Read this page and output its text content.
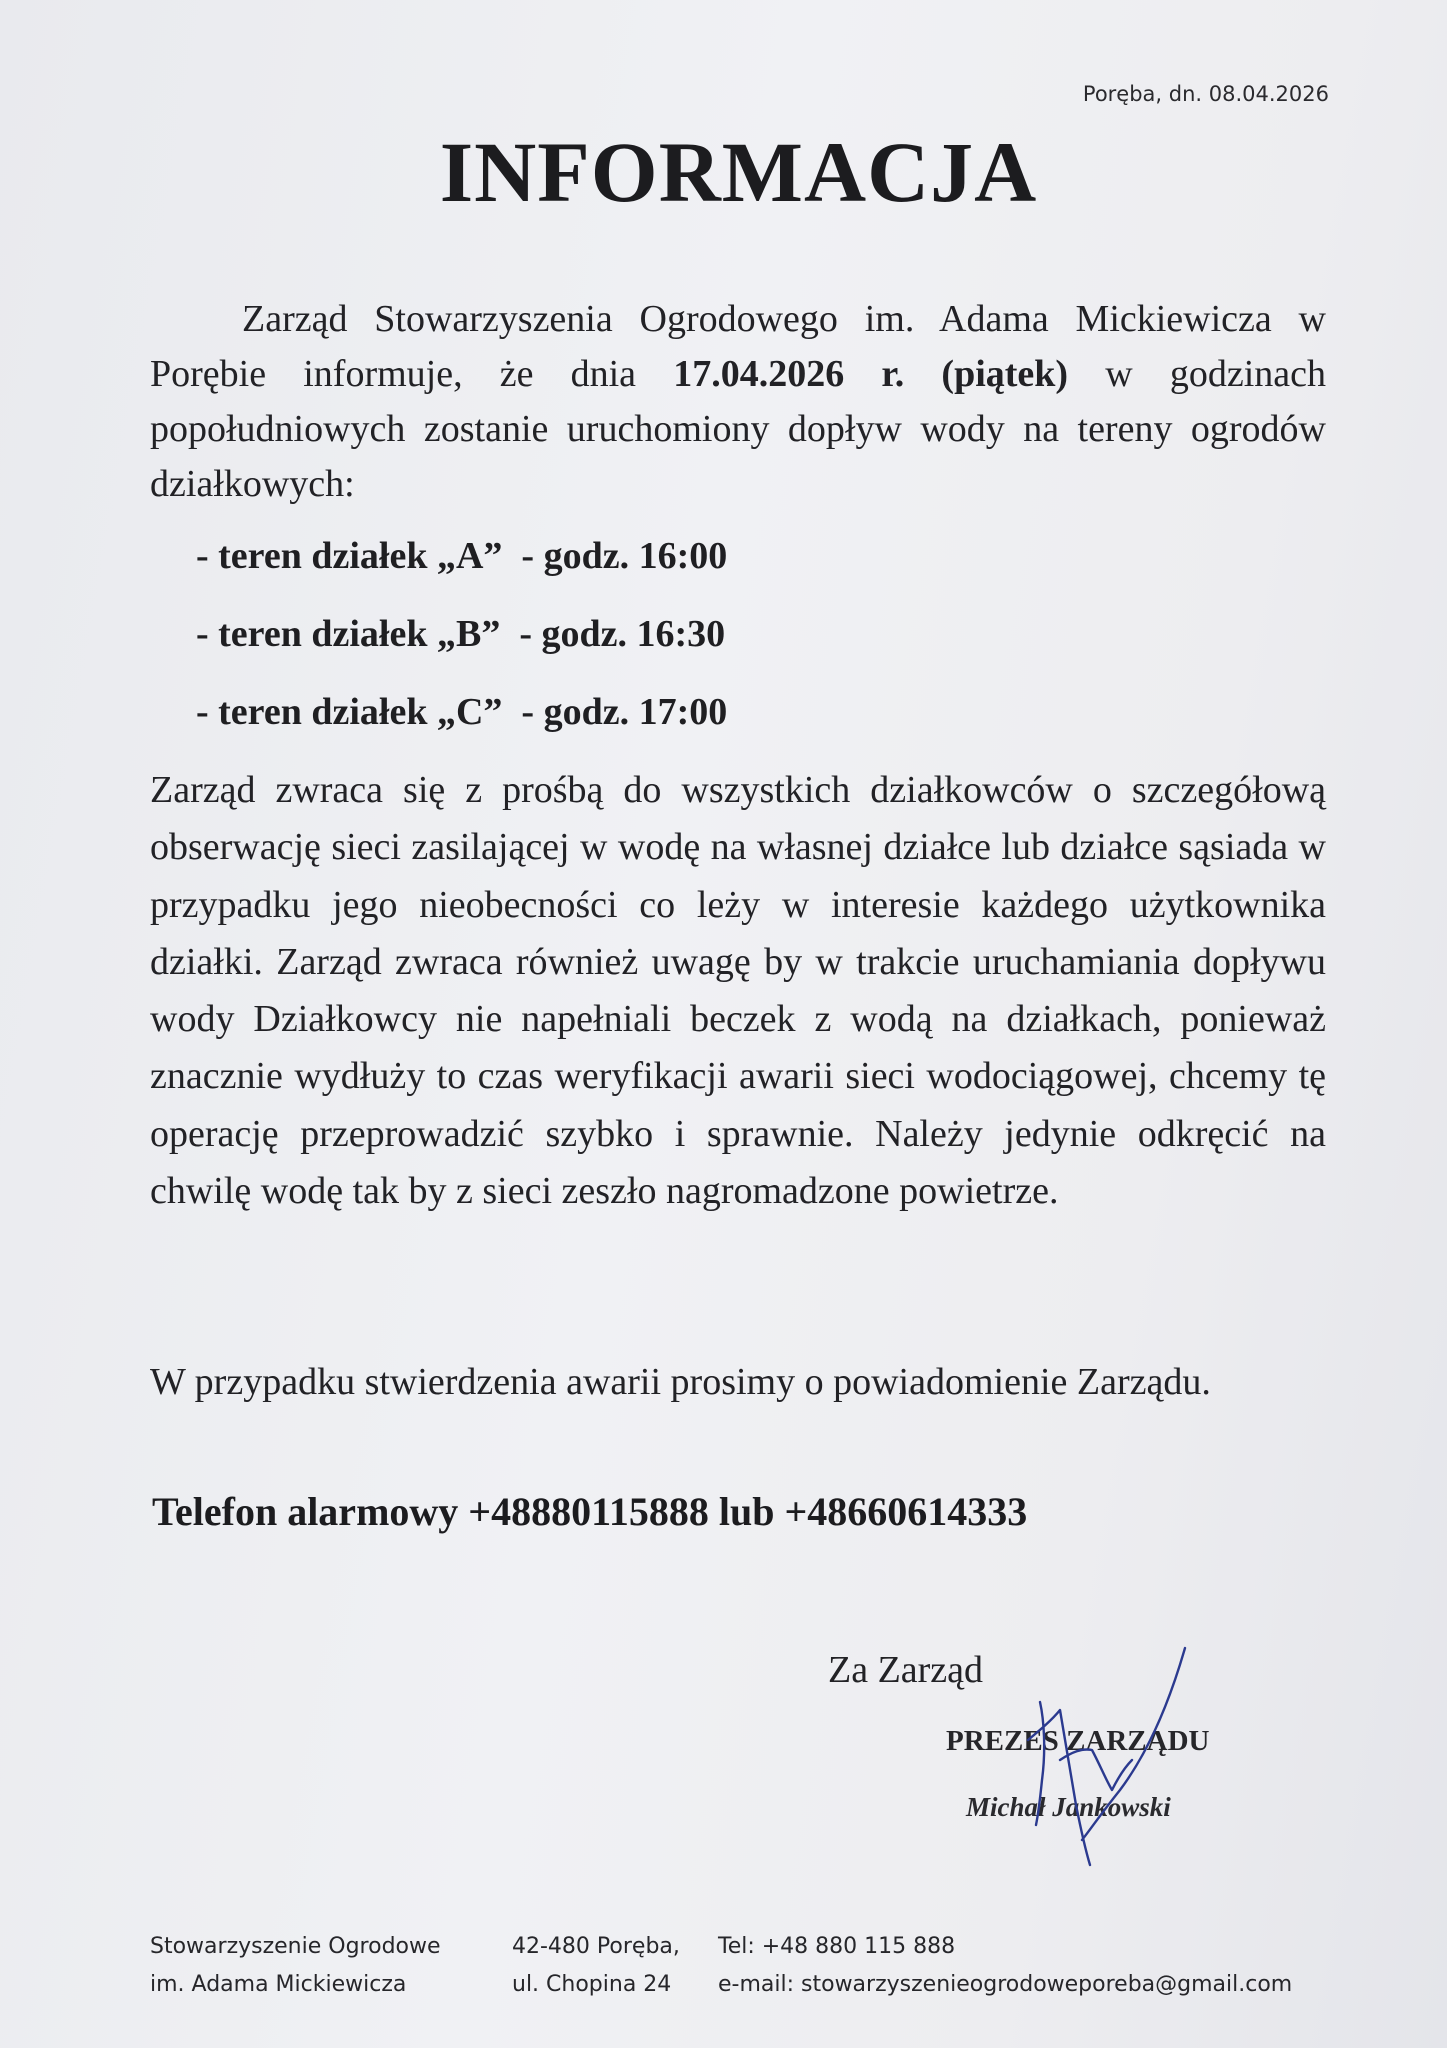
Poręba, dn. 08.04.2026
INFORMACJA

Zarząd Stowarzyszenia Ogrodowego im. Adama Mickiewicza w Porębie informuje, że dnia 17.04.2026 r. (piątek) w godzinach popołudniowych zostanie uruchomiony dopływ wody na tereny ogrodów działkowych:

- teren działek „A”  - godz. 16:00
- teren działek „B”  - godz. 16:30
- teren działek „C”  - godz. 17:00

Zarząd zwraca się z prośbą do wszystkich działkowców o szczegółową obserwację sieci zasilającej w wodę na własnej działce lub działce sąsiada w przypadku jego nieobecności co leży w interesie każdego użytkownika działki. Zarząd zwraca również uwagę by w trakcie uruchamiania dopływu wody Działkowcy nie napełniali beczek z wodą na działkach, ponieważ znacznie wydłuży to czas weryfikacji awarii sieci wodociągowej, chcemy tę operację przeprowadzić szybko i sprawnie. Należy jedynie odkręcić na chwilę wodę tak by z sieci zeszło nagromadzone powietrze.

W przypadku stwierdzenia awarii prosimy o powiadomienie Zarządu.

Telefon alarmowy +48880115888 lub +48660614333

Za Zarząd
PREZES ZARZĄDU
Michał Jankowski
Stowarzyszenie Ogrodowe
im. Adama Mickiewicza
42-480 Poręba,
ul. Chopina 24
Tel: +48 880 115 888
e-mail: stowarzyszenieogrodoweporeba@gmail.com
